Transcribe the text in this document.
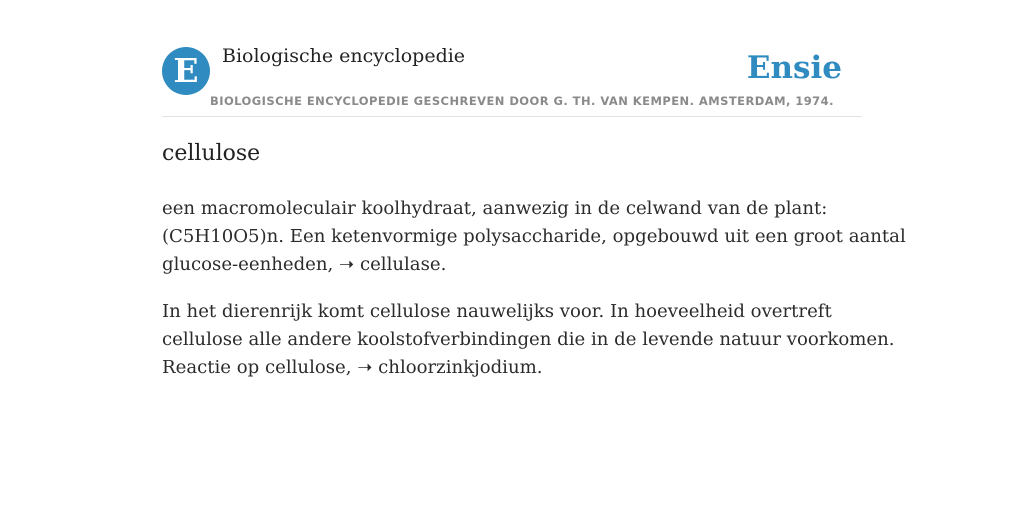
E	Biologische encyclopedie	Ensie
BIOLOGISCHE ENCYCLOPEDIE GESCHREVEN DOOR G. TH. VAN KEMPEN. AMSTERDAM, 1974.
cellulose

een macromoleculair koolhydraat, aanwezig in de celwand van de plant:
(C5H10O5)n. Een ketenvormige polysaccharide, opgebouwd uit een groot aantal
glucose-eenheden, ➝ cellulase.

In het dierenrijk komt cellulose nauwelijks voor. In hoeveelheid overtreft
cellulose alle andere koolstofverbindingen die in de levende natuur voorkomen.
Reactie op cellulose, ➝ chloorzinkjodium.
